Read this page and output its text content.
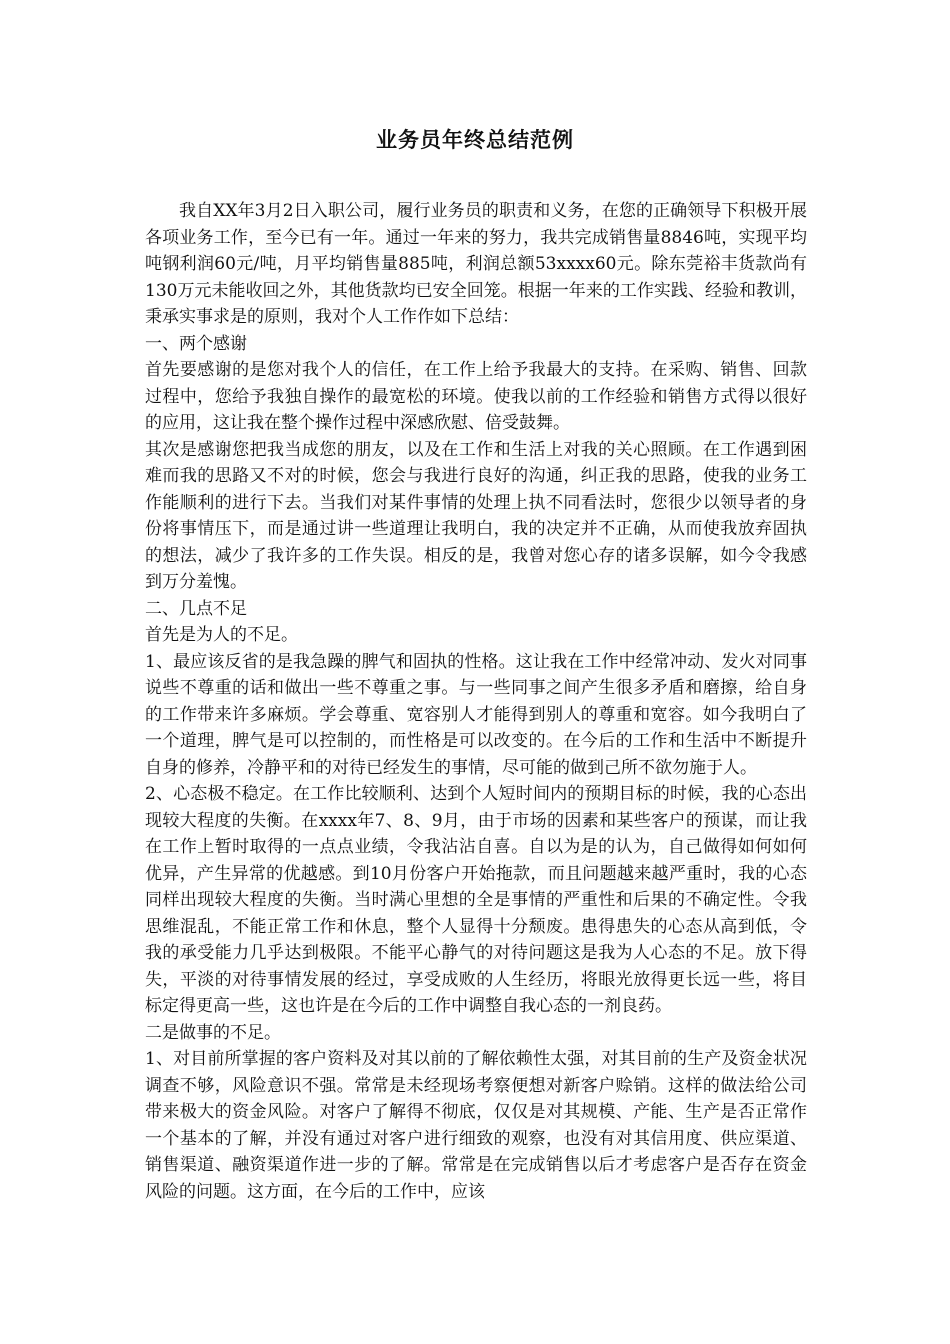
业务员年终总结范例

我自XX年3月2日入职公司，履行业务员的职责和义务，在您的正确领导下积极开展各项业务工作，至今已有一年。通过一年来的努力，我共完成销售量8846吨，实现平均吨钢利润60元/吨，月平均销售量885吨，利润总额53xxxx60元。除东莞裕丰货款尚有130万元未能收回之外，其他货款均已安全回笼。根据一年来的工作实践、经验和教训，秉承实事求是的原则，我对个人工作作如下总结：

一、两个感谢

首先要感谢的是您对我个人的信任，在工作上给予我最大的支持。在采购、销售、回款过程中，您给予我独自操作的最宽松的环境。使我以前的工作经验和销售方式得以很好的应用，这让我在整个操作过程中深感欣慰、倍受鼓舞。

其次是感谢您把我当成您的朋友，以及在工作和生活上对我的关心照顾。在工作遇到困难而我的思路又不对的时候，您会与我进行良好的沟通，纠正我的思路，使我的业务工作能顺利的进行下去。当我们对某件事情的处理上执不同看法时，您很少以领导者的身份将事情压下，而是通过讲一些道理让我明白，我的决定并不正确，从而使我放弃固执的想法，减少了我许多的工作失误。相反的是，我曾对您心存的诸多误解，如今令我感到万分羞愧。

二、几点不足

首先是为人的不足。

1、最应该反省的是我急躁的脾气和固执的性格。这让我在工作中经常冲动、发火对同事说些不尊重的话和做出一些不尊重之事。与一些同事之间产生很多矛盾和磨擦，给自身的工作带来许多麻烦。学会尊重、宽容别人才能得到别人的尊重和宽容。如今我明白了一个道理，脾气是可以控制的，而性格是可以改变的。在今后的工作和生活中不断提升自身的修养，冷静平和的对待已经发生的事情，尽可能的做到己所不欲勿施于人。

2、心态极不稳定。在工作比较顺利、达到个人短时间内的预期目标的时候，我的心态出现较大程度的失衡。在xxxx年7、8、9月，由于市场的因素和某些客户的预谋，而让我在工作上暂时取得的一点点业绩，令我沾沾自喜。自以为是的认为，自己做得如何如何优异，产生异常的优越感。到10月份客户开始拖款，而且问题越来越严重时，我的心态同样出现较大程度的失衡。当时满心里想的全是事情的严重性和后果的不确定性。令我思维混乱，不能正常工作和休息，整个人显得十分颓废。患得患失的心态从高到低，令我的承受能力几乎达到极限。不能平心静气的对待问题这是我为人心态的不足。放下得失，平淡的对待事情发展的经过，享受成败的人生经历，将眼光放得更长远一些，将目标定得更高一些，这也许是在今后的工作中调整自我心态的一剂良药。

二是做事的不足。

1、对目前所掌握的客户资料及对其以前的了解依赖性太强，对其目前的生产及资金状况调查不够，风险意识不强。常常是未经现场考察便想对新客户赊销。这样的做法给公司带来极大的资金风险。对客户了解得不彻底，仅仅是对其规模、产能、生产是否正常作一个基本的了解，并没有通过对客户进行细致的观察，也没有对其信用度、供应渠道、销售渠道、融资渠道作进一步的了解。常常是在完成销售以后才考虑客户是否存在资金风险的问题。这方面，在今后的工作中，应该
